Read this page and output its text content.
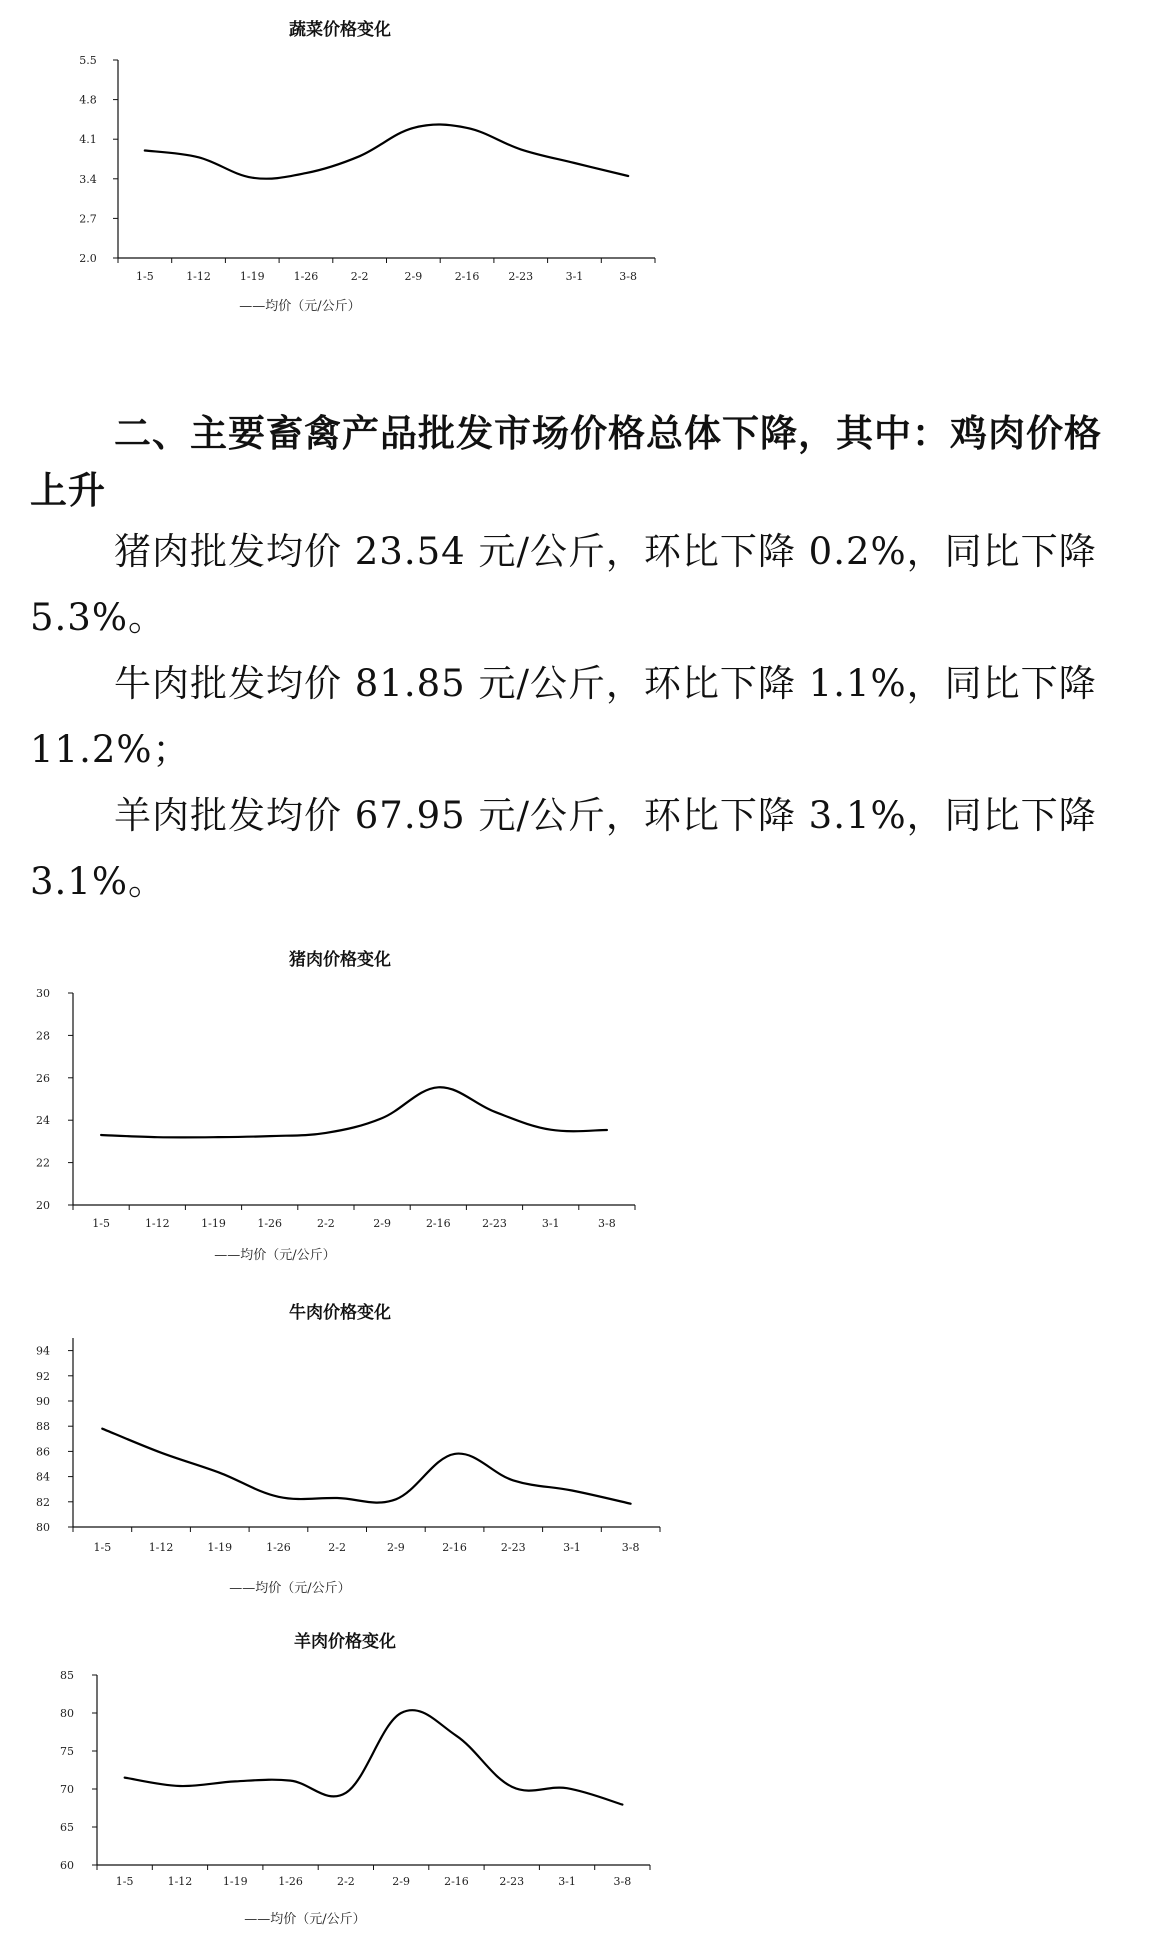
蔬菜价格变化
5.5
4.8
4.1
3.4
2.7
2.0
1-5	1-12	1-19	1-26	2-2	2-9	2-16	2-23	3-1	3-8
——均价（元/公斤）
二、主要畜禽产品批发市场价格总体下降，其中：鸡肉价格上升

猪肉批发均价 23.54 元/公斤，环比下降 0.2%，同比下降 5.3%。

牛肉批发均价 81.85 元/公斤，环比下降 1.1%，同比下降 11.2%；

羊肉批发均价 67.95 元/公斤，环比下降 3.1%，同比下降 3.1%。

猪肉价格变化
30
28
26
24
22
20
1-5	1-12	1-19	1-26	2-2	2-9	2-16	2-23	3-1	3-8
——均价（元/公斤）
牛肉价格变化
94
92
90
88
86
84
82
80
1-5	1-12	1-19	1-26	2-2	2-9	2-16	2-23	3-1	3-8
——均价（元/公斤）
羊肉价格变化
85
80
75
70
65
60
1-5	1-12	1-19	1-26	2-2	2-9	2-16	2-23	3-1	3-8
——均价（元/公斤）
